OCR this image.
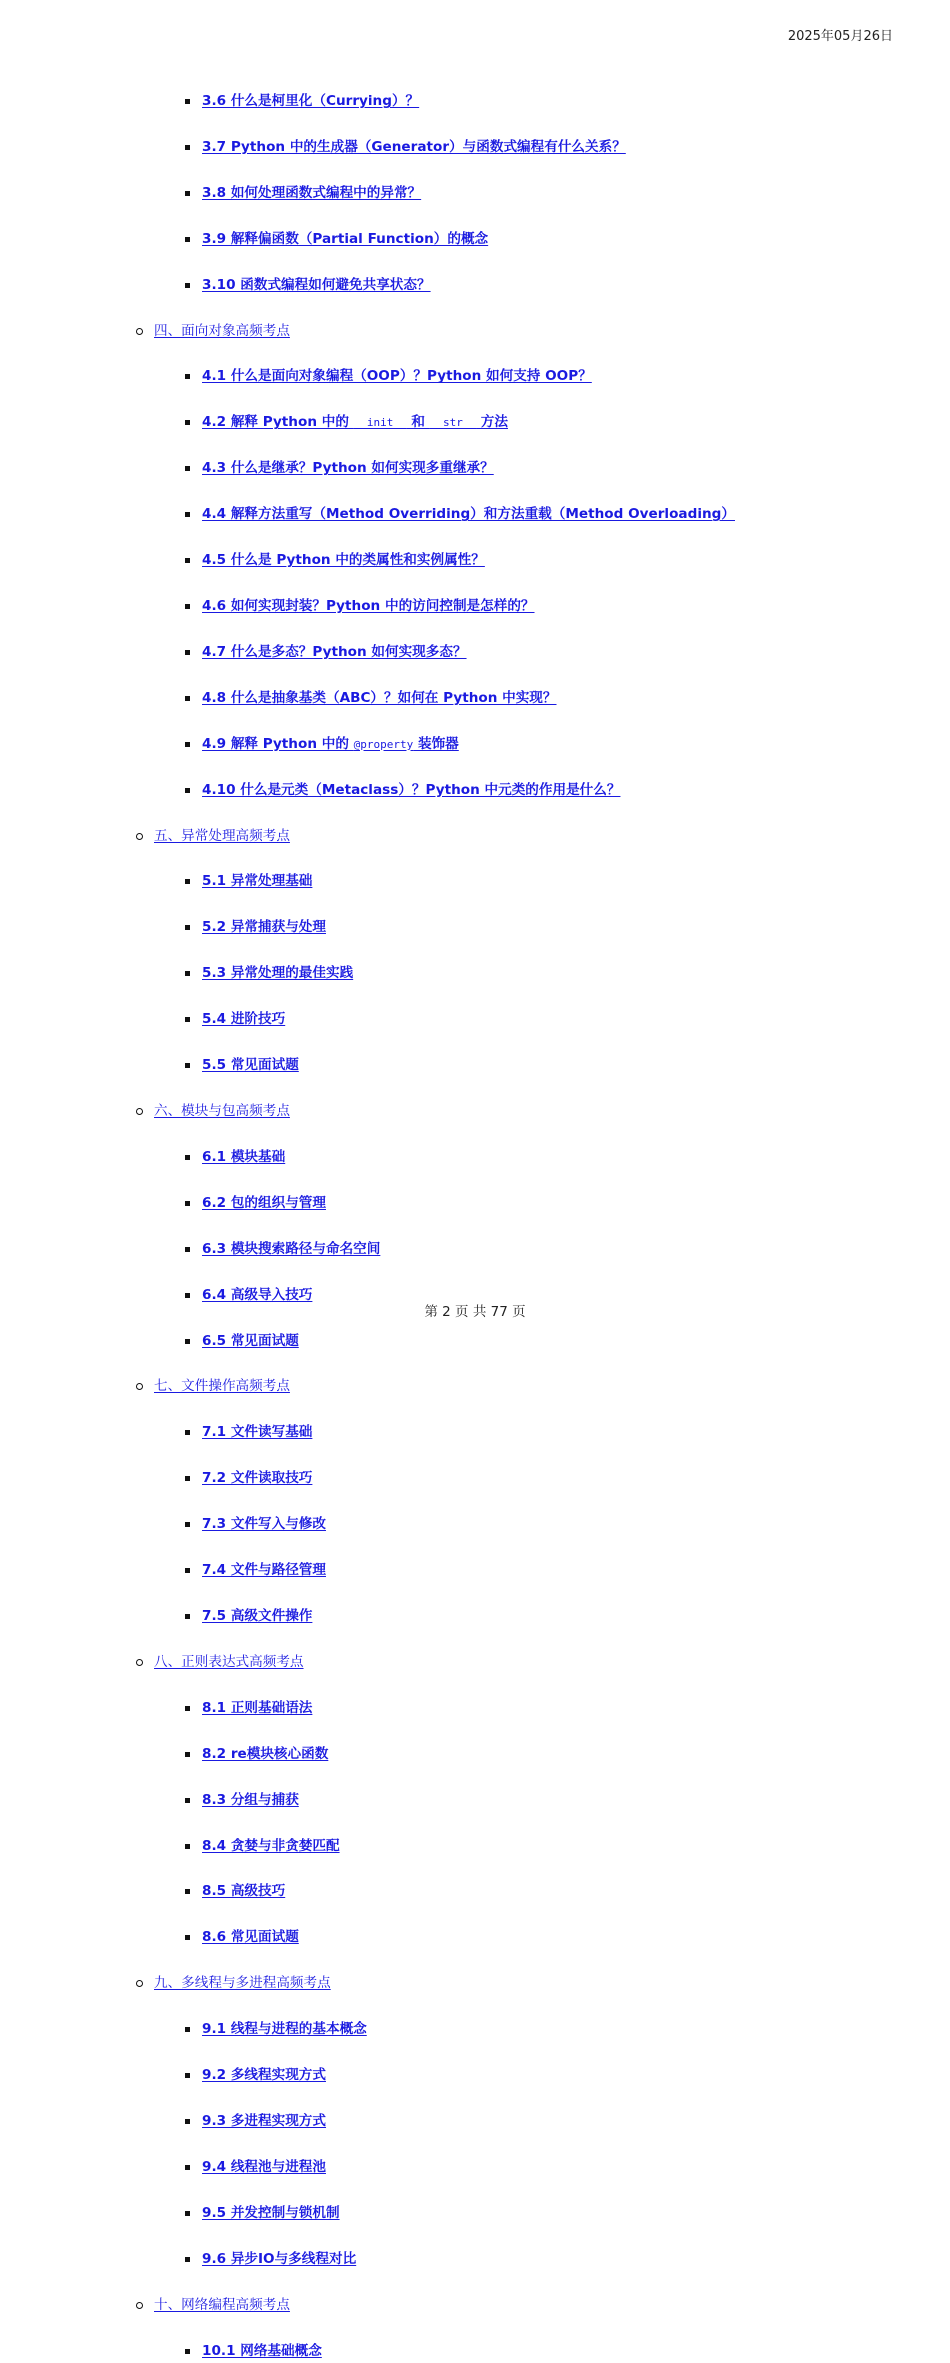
2025年05月26日
3.6 什么是柯里化（Currying）？
3.7 Python 中的生成器（Generator）与函数式编程有什么关系？
3.8 如何处理函数式编程中的异常？
3.9 解释偏函数（Partial Function）的概念
3.10 函数式编程如何避免共享状态？
四、面向对象高频考点
4.1 什么是面向对象编程（OOP）？Python 如何支持 OOP？
4.2 解释 Python 中的 __init__ 和 __str__ 方法
4.3 什么是继承？Python 如何实现多重继承？
4.4 解释方法重写（Method Overriding）和方法重载（Method Overloading）
4.5 什么是 Python 中的类属性和实例属性？
4.6 如何实现封装？Python 中的访问控制是怎样的？
4.7 什么是多态？Python 如何实现多态？
4.8 什么是抽象基类（ABC）？如何在 Python 中实现？
4.9 解释 Python 中的 @property 装饰器
4.10 什么是元类（Metaclass）？Python 中元类的作用是什么？
五、异常处理高频考点
5.1 异常处理基础
5.2 异常捕获与处理
5.3 异常处理的最佳实践
5.4 进阶技巧
5.5 常见面试题
六、模块与包高频考点
6.1 模块基础
6.2 包的组织与管理
6.3 模块搜索路径与命名空间
6.4 高级导入技巧
6.5 常见面试题
七、文件操作高频考点
7.1 文件读写基础
7.2 文件读取技巧
7.3 文件写入与修改
7.4 文件与路径管理
7.5 高级文件操作
八、正则表达式高频考点
8.1 正则基础语法
8.2 re模块核心函数
8.3 分组与捕获
8.4 贪婪与非贪婪匹配
8.5 高级技巧
8.6 常见面试题
九、多线程与多进程高频考点
9.1 线程与进程的基本概念
9.2 多线程实现方式
9.3 多进程实现方式
9.4 线程池与进程池
9.5 并发控制与锁机制
9.6 异步IO与多线程对比
十、网络编程高频考点
10.1 网络基础概念
第 2 页 共 77 页
